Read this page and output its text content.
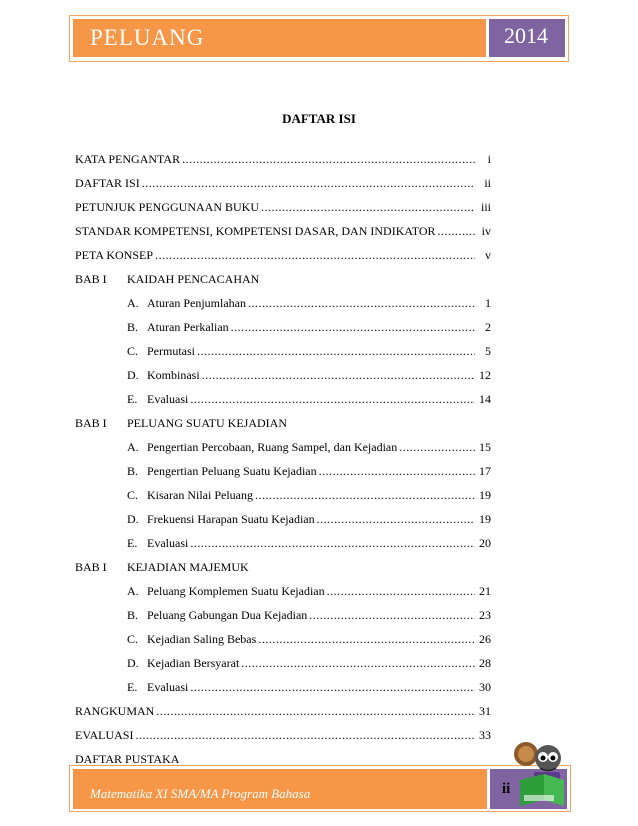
PELUANG	2014
DAFTAR ISI
KATA PENGANTAR .....	i
DAFTAR ISI .....	ii
PETUNJUK PENGGUNAAN BUKU .....	iii
STANDAR KOMPETENSI, KOMPETENSI DASAR, DAN INDIKATOR .....	iv
PETA KONSEP .....	v
BAB I KAIDAH PENCACAHAN
A. Aturan Penjumlahan .....	1
B. Aturan Perkalian .....	2
C. Permutasi .....	5
D. Kombinasi .....	12
E. Evaluasi .....	14
BAB I PELUANG SUATU KEJADIAN
A. Pengertian Percobaan, Ruang Sampel, dan Kejadian .....	15
B. Pengertian Peluang Suatu Kejadian .....	17
C. Kisaran Nilai Peluang .....	19
D. Frekuensi Harapan Suatu Kejadian .....	19
E. Evaluasi .....	20
BAB I KEJADIAN MAJEMUK
A. Peluang Komplemen Suatu Kejadian .....	21
B. Peluang Gabungan Dua Kejadian .....	23
C. Kejadian Saling Bebas .....	26
D. Kejadian Bersyarat .....	28
E. Evaluasi .....	30
RANGKUMAN .....	31
EVALUASI .....	33
DAFTAR PUSTAKA
Matematika XI SMA/MA Program Bahasa	ii
